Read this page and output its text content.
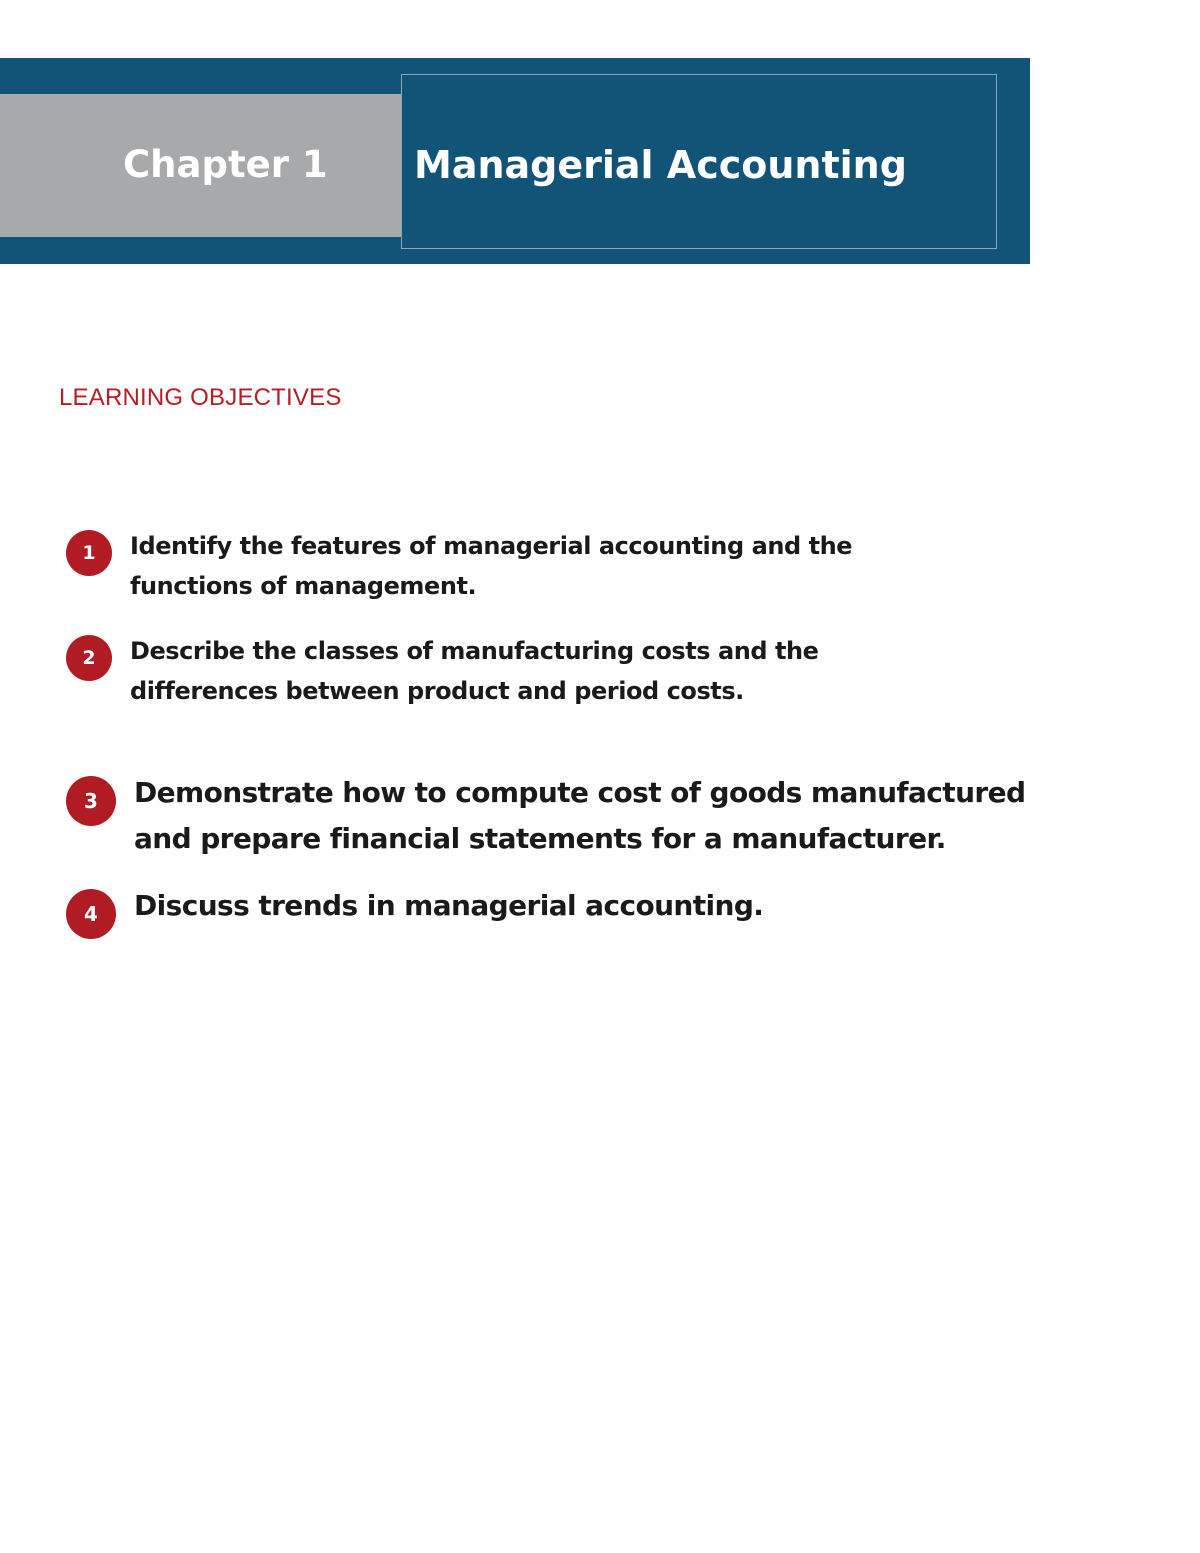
Chapter 1 Managerial Accounting
LEARNING OBJECTIVES
1	Identify the features of managerial accounting and the
functions of management.
2	Describe the classes of manufacturing costs and the
differences between product and period costs.
3	Demonstrate how to compute cost of goods manufactured
and prepare financial statements for a manufacturer.
4	Discuss trends in managerial accounting.
